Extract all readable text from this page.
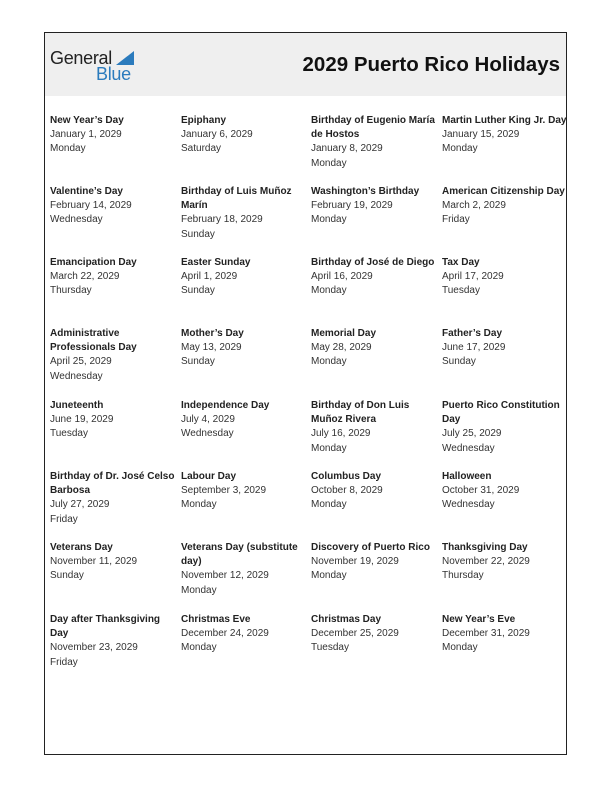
General
Blue	2029 Puerto Rico Holidays
New Year’s Day
January 1, 2029
Monday
Epiphany
January 6, 2029
Saturday
Birthday of Eugenio María de Hostos
January 8, 2029
Monday
Martin Luther King Jr. Day
January 15, 2029
Monday
Valentine’s Day
February 14, 2029
Wednesday
Birthday of Luis Muñoz Marín
February 18, 2029
Sunday
Washington’s Birthday
February 19, 2029
Monday
American Citizenship Day
March 2, 2029
Friday
Emancipation Day
March 22, 2029
Thursday
Easter Sunday
April 1, 2029
Sunday
Birthday of José de Diego
April 16, 2029
Monday
Tax Day
April 17, 2029
Tuesday
Administrative Professionals Day
April 25, 2029
Wednesday
Mother’s Day
May 13, 2029
Sunday
Memorial Day
May 28, 2029
Monday
Father’s Day
June 17, 2029
Sunday
Juneteenth
June 19, 2029
Tuesday
Independence Day
July 4, 2029
Wednesday
Birthday of Don Luis Muñoz Rivera
July 16, 2029
Monday
Puerto Rico Constitution Day
July 25, 2029
Wednesday
Birthday of Dr. José Celso Barbosa
July 27, 2029
Friday
Labour Day
September 3, 2029
Monday
Columbus Day
October 8, 2029
Monday
Halloween
October 31, 2029
Wednesday
Veterans Day
November 11, 2029
Sunday
Veterans Day (substitute day)
November 12, 2029
Monday
Discovery of Puerto Rico
November 19, 2029
Monday
Thanksgiving Day
November 22, 2029
Thursday
Day after Thanksgiving Day
November 23, 2029
Friday
Christmas Eve
December 24, 2029
Monday
Christmas Day
December 25, 2029
Tuesday
New Year’s Eve
December 31, 2029
Monday
